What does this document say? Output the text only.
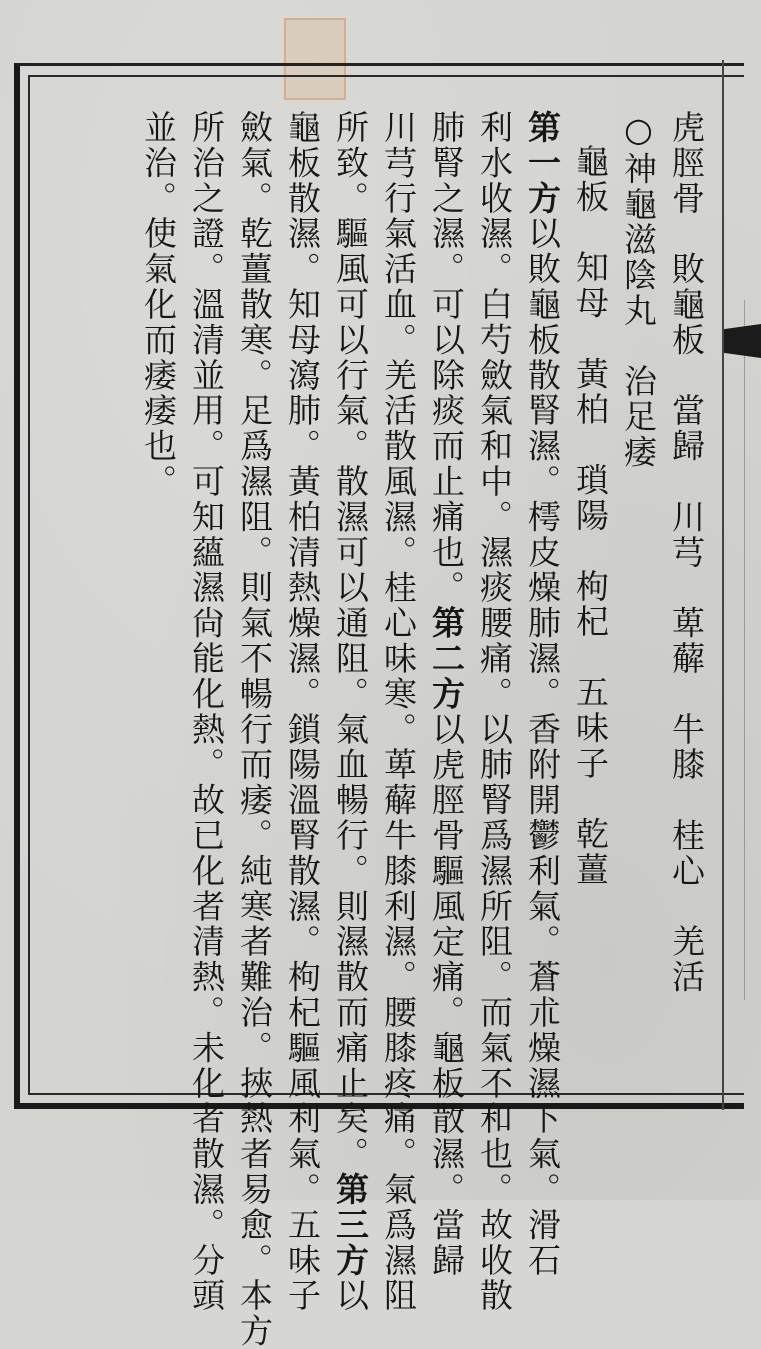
虎脛骨　敗龜板　當歸　川芎　萆薢　牛膝　桂心　羌活
○神龜滋陰丸　治足痿
龜板　知母　黃柏　瑣陽　枸杞　五味子　乾薑
第一方以敗龜板散腎濕。樗皮燥肺濕。香附開鬱利氣。蒼朮燥濕下氣。滑石
利水收濕。白芍斂氣和中。濕痰腰痛。以肺腎爲濕所阻。而氣不和也。故收散
肺腎之濕。可以除痰而止痛也。第二方以虎脛骨驅風定痛。龜板散濕。當歸
川芎行氣活血。羌活散風濕。桂心味寒。萆薢牛膝利濕。腰膝疼痛。氣爲濕阻
所致。驅風可以行氣。散濕可以通阻。氣血暢行。則濕散而痛止矣。第三方以
龜板散濕。知母瀉肺。黃柏清熱燥濕。鎖陽溫腎散濕。枸杞驅風利氣。五味子
斂氣。乾薑散寒。足爲濕阻。則氣不暢行而痿。純寒者難治。挾熱者易愈。本方
所治之證。溫清並用。可知蘊濕尙能化熱。故已化者清熱。未化者散濕。分頭
並治。使氣化而痿痿也。
